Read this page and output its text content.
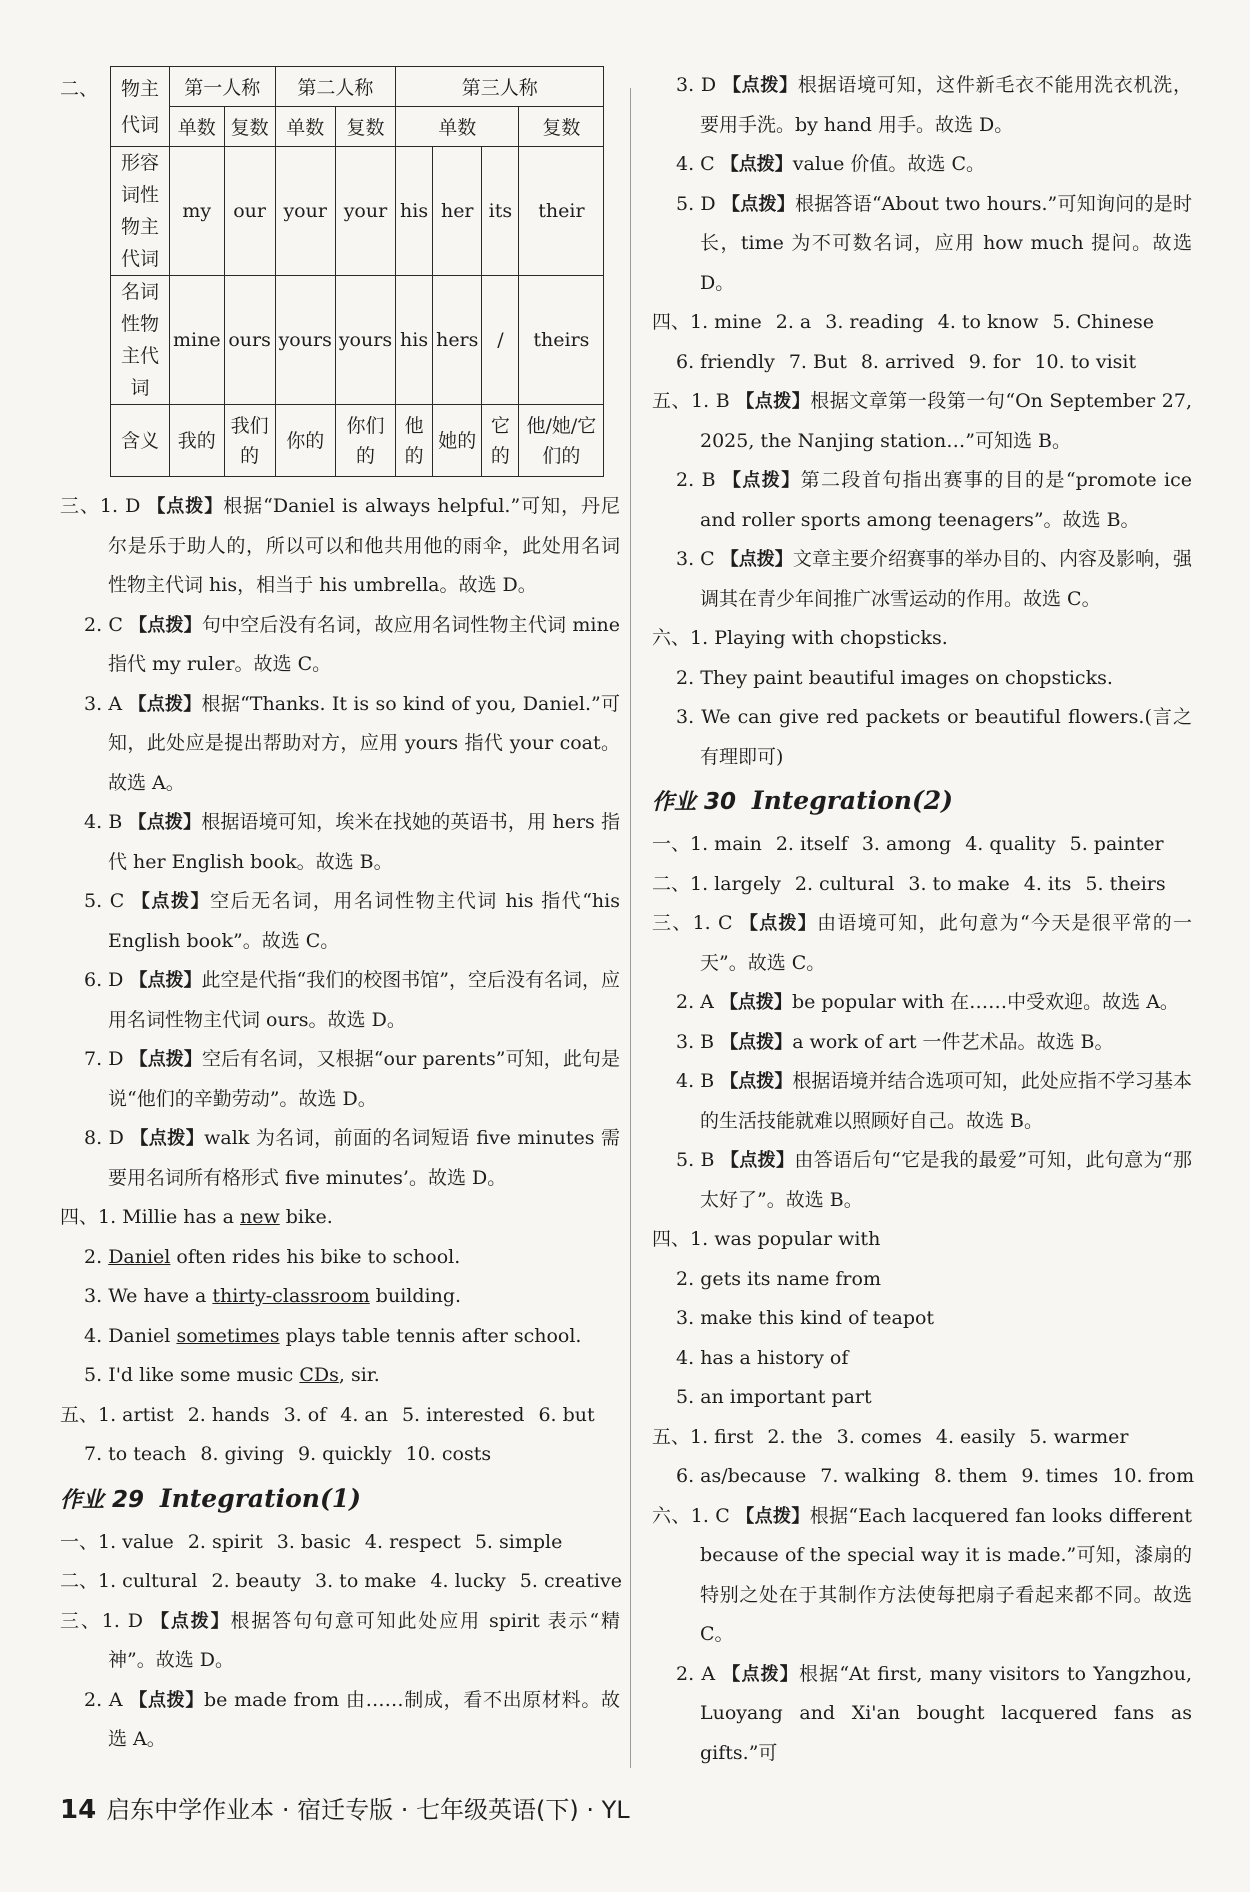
二、 物主代词	第一人称		第二人称		第三人称			
	单数	复数	单数	复数	单数			复数
形容词性物主代词	my	our	your	your	his	her	its	their
名词性物主代词	mine	ours	yours	yours	his	hers	/	theirs
含义	我的	我们的	你的	你们的	他的	她的	它的	他/她/它们的

三、1. D 【点拨】根据“Daniel is always helpful.”可知，丹尼尔是乐于助人的，所以可以和他共用他的雨伞，此处用名词性物主代词 his，相当于 his umbrella。故选 D。

2. C 【点拨】句中空后没有名词，故应用名词性物主代词 mine 指代 my ruler。故选 C。

3. A 【点拨】根据“Thanks. It is so kind of you, Daniel.”可知，此处应是提出帮助对方，应用 yours 指代 your coat。故选 A。

4. B 【点拨】根据语境可知，埃米在找她的英语书，用 hers 指代 her English book。故选 B。

5. C 【点拨】空后无名词，用名词性物主代词 his 指代“his English book”。故选 C。

6. D 【点拨】此空是代指“我们的校图书馆”，空后没有名词，应用名词性物主代词 ours。故选 D。

7. D 【点拨】空后有名词，又根据“our parents”可知，此句是说“他们的辛勤劳动”。故选 D。

8. D 【点拨】walk 为名词，前面的名词短语 five minutes 需要用名词所有格形式 five minutes’。故选 D。

四、1. Millie has a new bike.

2. Daniel often rides his bike to school.

3. We have a thirty-classroom building.

4. Daniel sometimes plays table tennis after school.

5. I'd like some music CDs, sir.

五、1. artist 2. hands 3. of 4. an 5. interested 6. but
7. to teach 8. giving 9. quickly 10. costs
作业 29 Integration(1)
一、1. value 2. spirit 3. basic 4. respect 5. simple
二、1. cultural 2. beauty 3. to make 4. lucky 5. creative

三、1. D 【点拨】根据答句句意可知此处应用 spirit 表示“精神”。故选 D。

2. A 【点拨】be made from 由……制成，看不出原材料。故选 A。

3. D 【点拨】根据语境可知，这件新毛衣不能用洗衣机洗，要用手洗。by hand 用手。故选 D。

4. C 【点拨】value 价值。故选 C。

5. D 【点拨】根据答语“About two hours.”可知询问的是时长，time 为不可数名词，应用 how much 提问。故选 D。

四、1. mine 2. a 3. reading 4. to know 5. Chinese
6. friendly 7. But 8. arrived 9. for 10. to visit

五、1. B 【点拨】根据文章第一段第一句“On September 27, 2025, the Nanjing station…”可知选 B。

2. B 【点拨】第二段首句指出赛事的目的是“promote ice and roller sports among teenagers”。故选 B。

3. C 【点拨】文章主要介绍赛事的举办目的、内容及影响，强调其在青少年间推广冰雪运动的作用。故选 C。

六、1. Playing with chopsticks.

2. They paint beautiful images on chopsticks.

3. We can give red packets or beautiful flowers.(言之有理即可)

作业 30 Integration(2)
一、1. main 2. itself 3. among 4. quality 5. painter
二、1. largely 2. cultural 3. to make 4. its 5. theirs

三、1. C 【点拨】由语境可知，此句意为“今天是很平常的一天”。故选 C。

2. A 【点拨】be popular with 在……中受欢迎。故选 A。

3. B 【点拨】a work of art 一件艺术品。故选 B。

4. B 【点拨】根据语境并结合选项可知，此处应指不学习基本的生活技能就难以照顾好自己。故选 B。

5. B 【点拨】由答语后句“它是我的最爱”可知，此句意为“那太好了”。故选 B。

四、1. was popular with

2. gets its name from

3. make this kind of teapot

4. has a history of

5. an important part

五、1. first 2. the 3. comes 4. easily 5. warmer
6. as/because 7. walking 8. them 9. times 10. from

六、1. C 【点拨】根据“Each lacquered fan looks different because of the special way it is made.”可知，漆扇的特别之处在于其制作方法使每把扇子看起来都不同。故选 C。

2. A 【点拨】根据“At first, many visitors to Yangzhou, Luoyang and Xi'an bought lacquered fans as gifts.”可

14 启东中学作业本 · 宿迁专版 · 七年级英语(下) · YL
